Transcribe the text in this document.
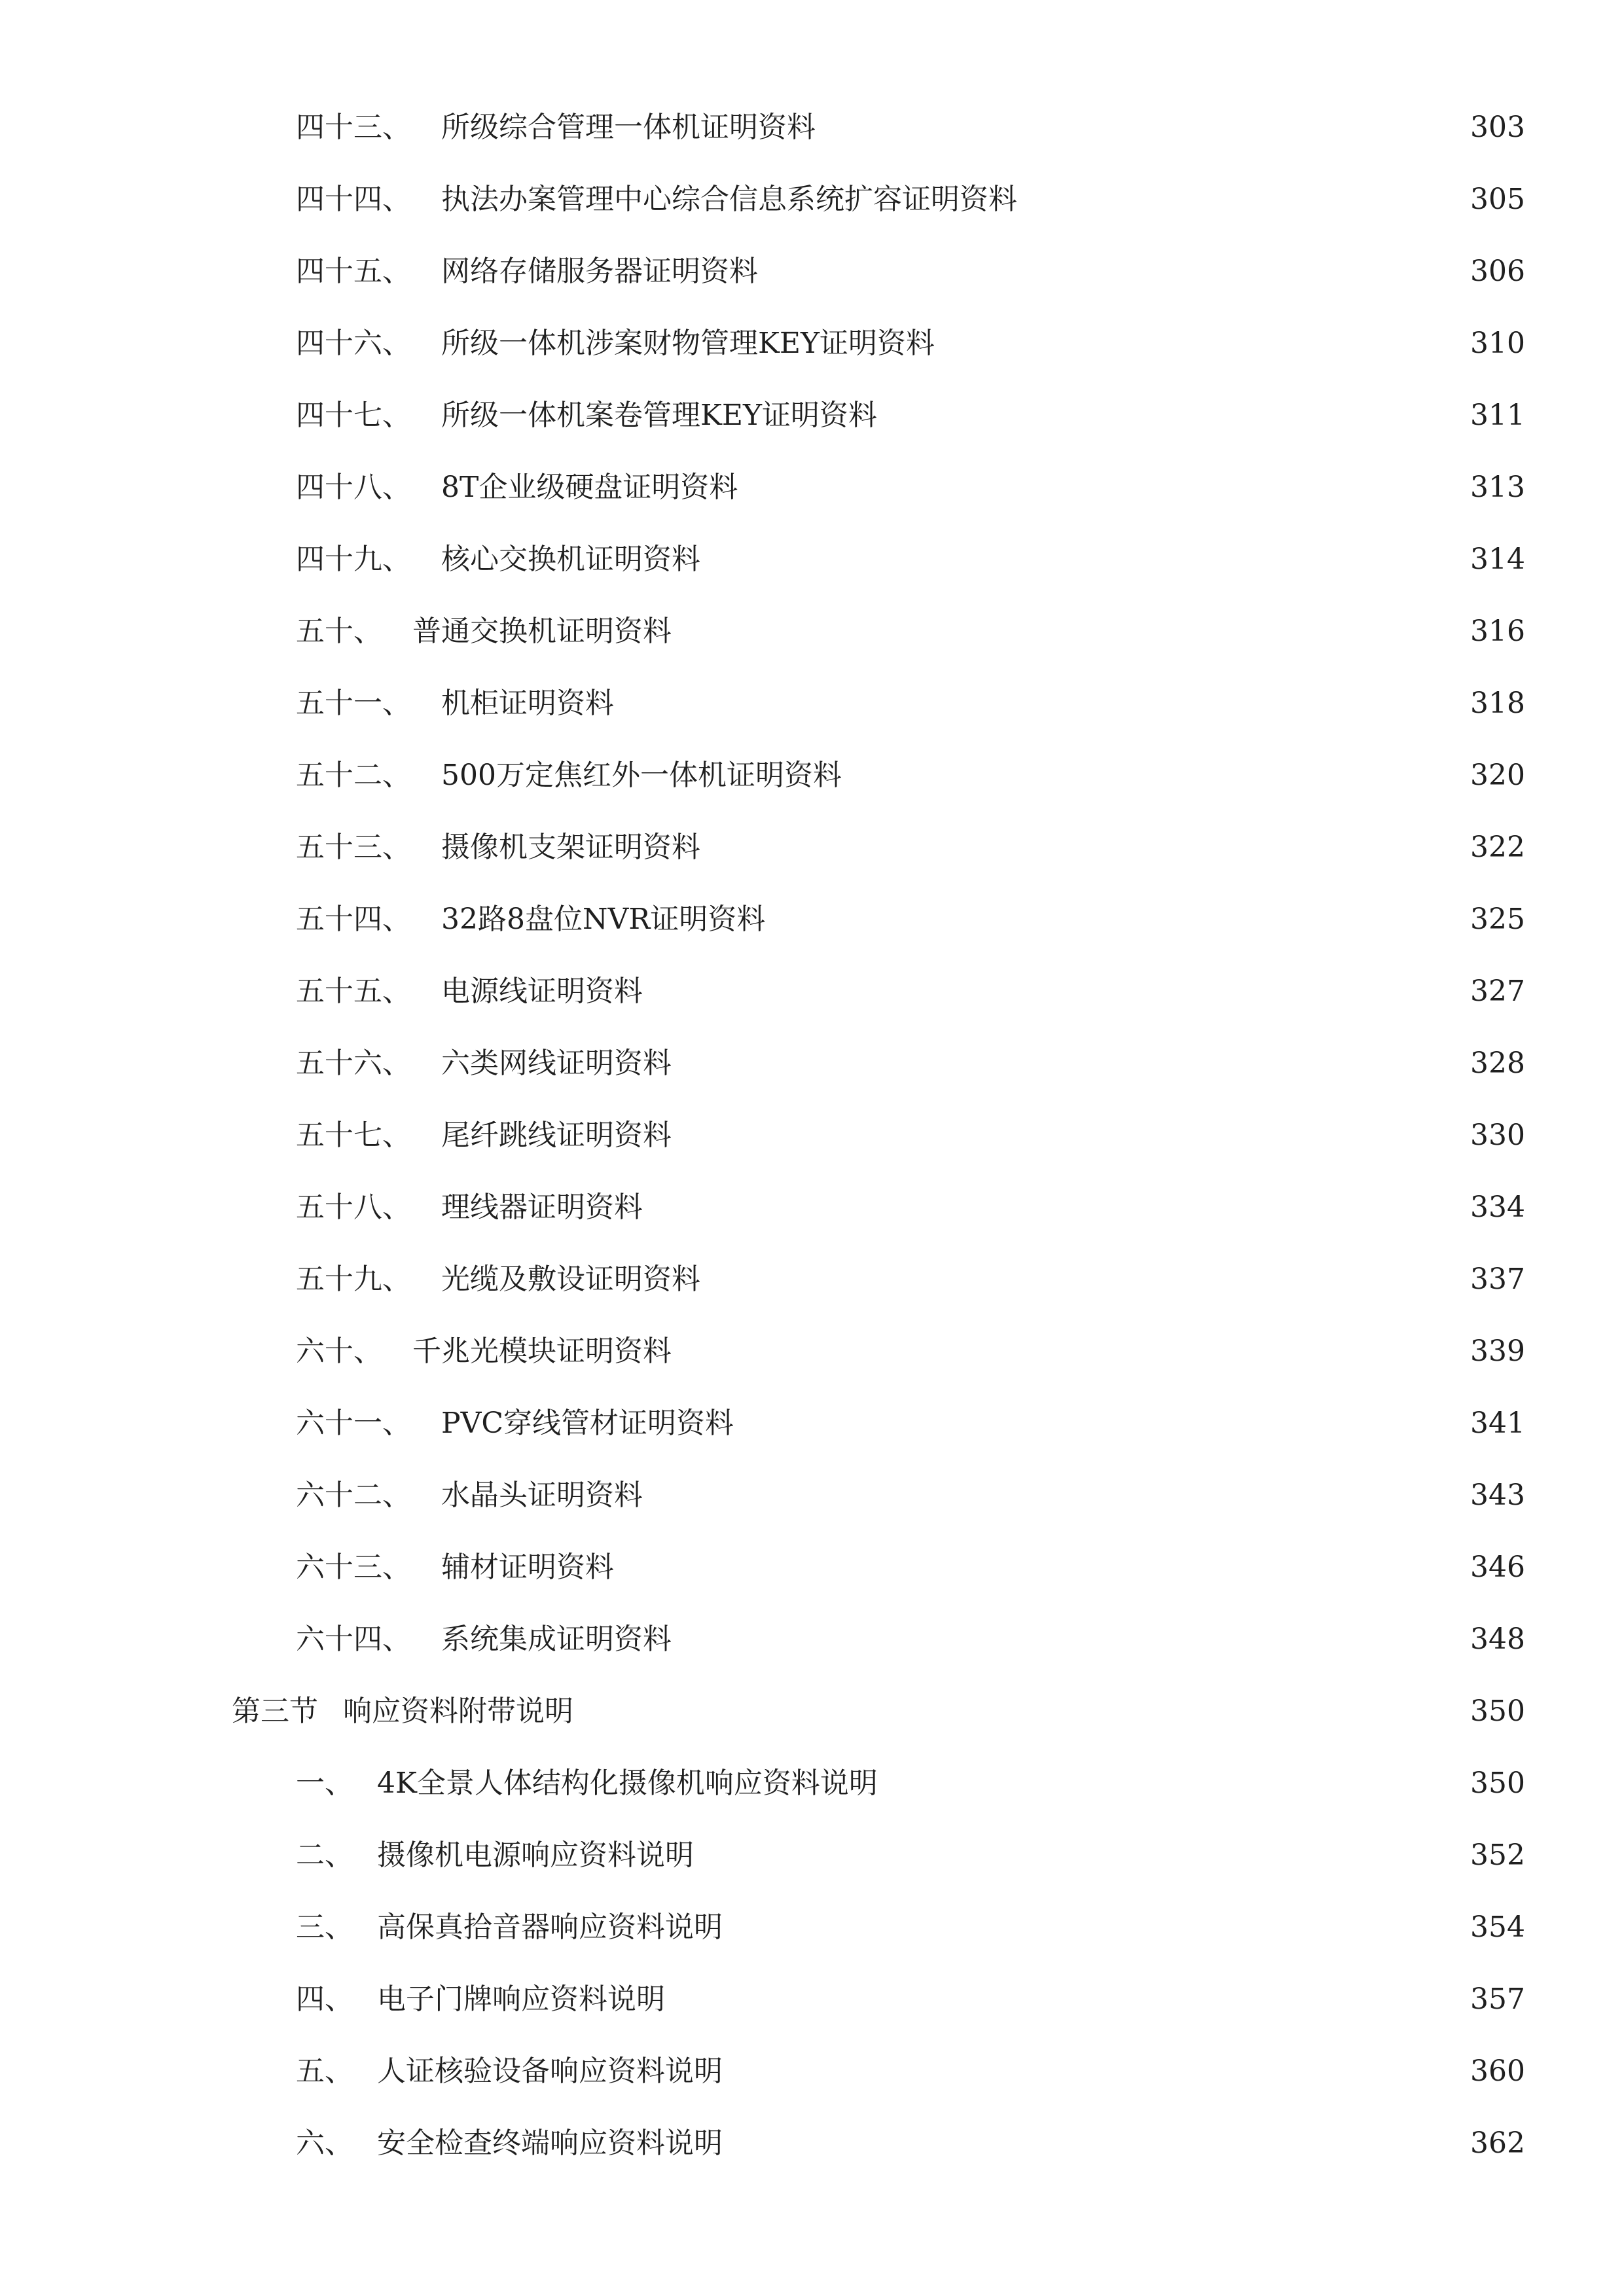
四十三、	所级综合管理一体机证明资料	303
四十四、	执法办案管理中心综合信息系统扩容证明资料	305
四十五、	网络存储服务器证明资料	306
四十六、	所级一体机涉案财物管理KEY证明资料	310
四十七、	所级一体机案卷管理KEY证明资料	311
四十八、	8T企业级硬盘证明资料	313
四十九、	核心交换机证明资料	314
五十、	普通交换机证明资料	316
五十一、	机柜证明资料	318
五十二、	500万定焦红外一体机证明资料	320
五十三、	摄像机支架证明资料	322
五十四、	32路8盘位NVR证明资料	325
五十五、	电源线证明资料	327
五十六、	六类网线证明资料	328
五十七、	尾纤跳线证明资料	330
五十八、	理线器证明资料	334
五十九、	光缆及敷设证明资料	337
六十、	千兆光模块证明资料	339
六十一、	PVC穿线管材证明资料	341
六十二、	水晶头证明资料	343
六十三、	辅材证明资料	346
六十四、	系统集成证明资料	348
第三节 响应资料附带说明	350
一、 4K全景人体结构化摄像机响应资料说明	350
二、 摄像机电源响应资料说明	352
三、 高保真拾音器响应资料说明	354
四、 电子门牌响应资料说明	357
五、 人证核验设备响应资料说明	360
六、 安全检查终端响应资料说明	362
